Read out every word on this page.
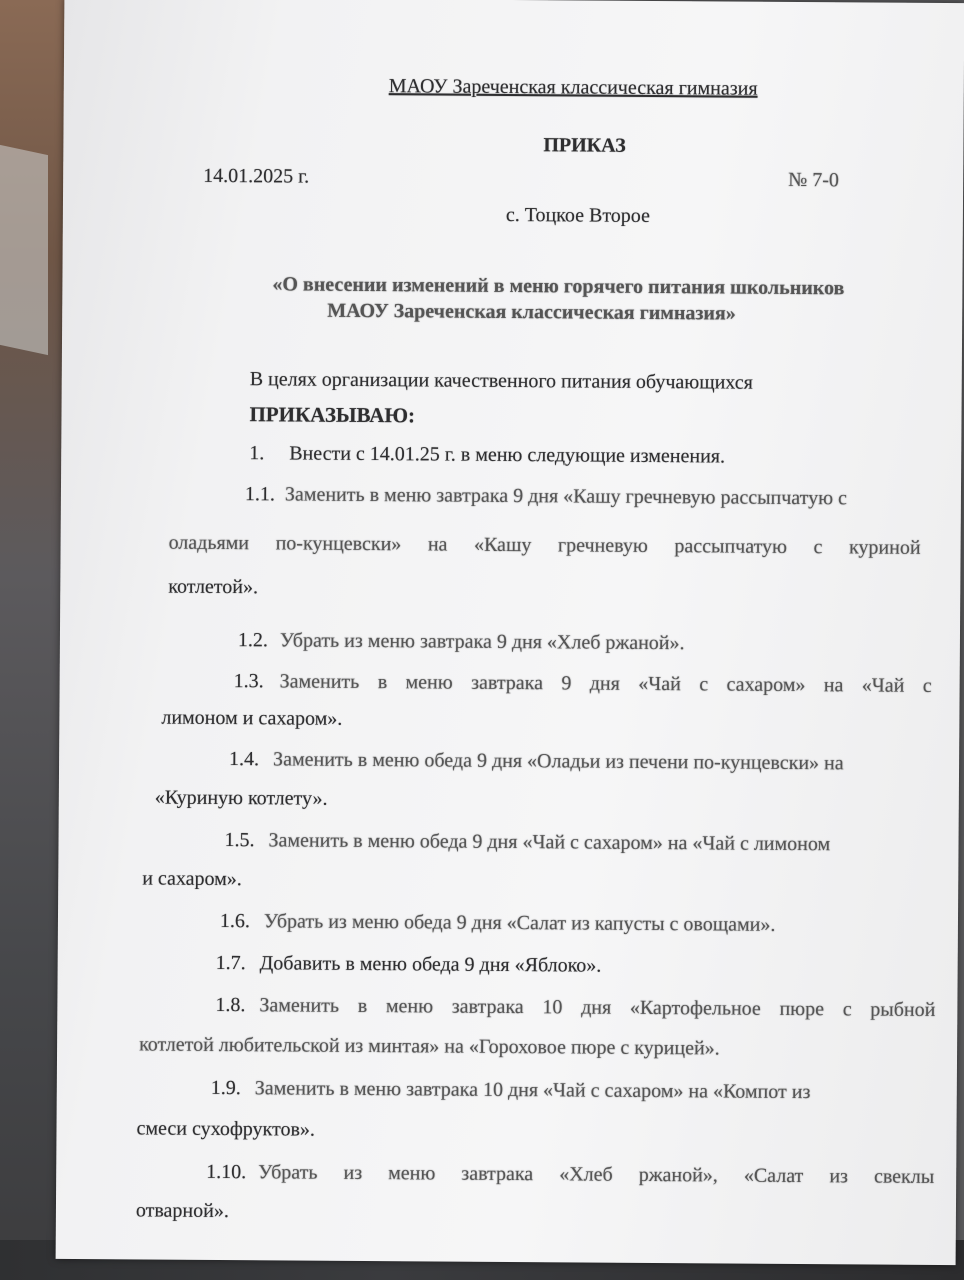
МАОУ Зареченская классическая гимназия
ПРИКАЗ
14.01.2025 г.	№ 7-0
с. Тоцкое Второе
«О внесении изменений в меню горячего питания школьников
МАОУ Зареченская классическая гимназия»
В целях организации качественного питания обучающихся
ПРИКАЗЫВАЮ:
1. Внести с 14.01.25 г. в меню следующие изменения.
1.1. Заменить в меню завтрака 9 дня «Кашу гречневую рассыпчатую с
оладьями по-кунцевски» на «Кашу гречневую рассыпчатую с куриной
котлетой».
1.2. Убрать из меню завтрака 9 дня «Хлеб ржаной».
1.3. Заменить в меню завтрака 9 дня «Чай с сахаром» на «Чай с
лимоном и сахаром».
1.4. Заменить в меню обеда 9 дня «Оладьи из печени по-кунцевски» на
«Куриную котлету».
1.5. Заменить в меню обеда 9 дня «Чай с сахаром» на «Чай с лимоном
и сахаром».
1.6. Убрать из меню обеда 9 дня «Салат из капусты с овощами».
1.7. Добавить в меню обеда 9 дня «Яблоко».
1.8. Заменить в меню завтрака 10 дня «Картофельное пюре с рыбной
котлетой любительской из минтая» на «Гороховое пюре с курицей».
1.9. Заменить в меню завтрака 10 дня «Чай с сахаром» на «Компот из
смеси сухофруктов».
1.10. Убрать из меню завтрака «Хлеб ржаной», «Салат из свеклы
отварной».
